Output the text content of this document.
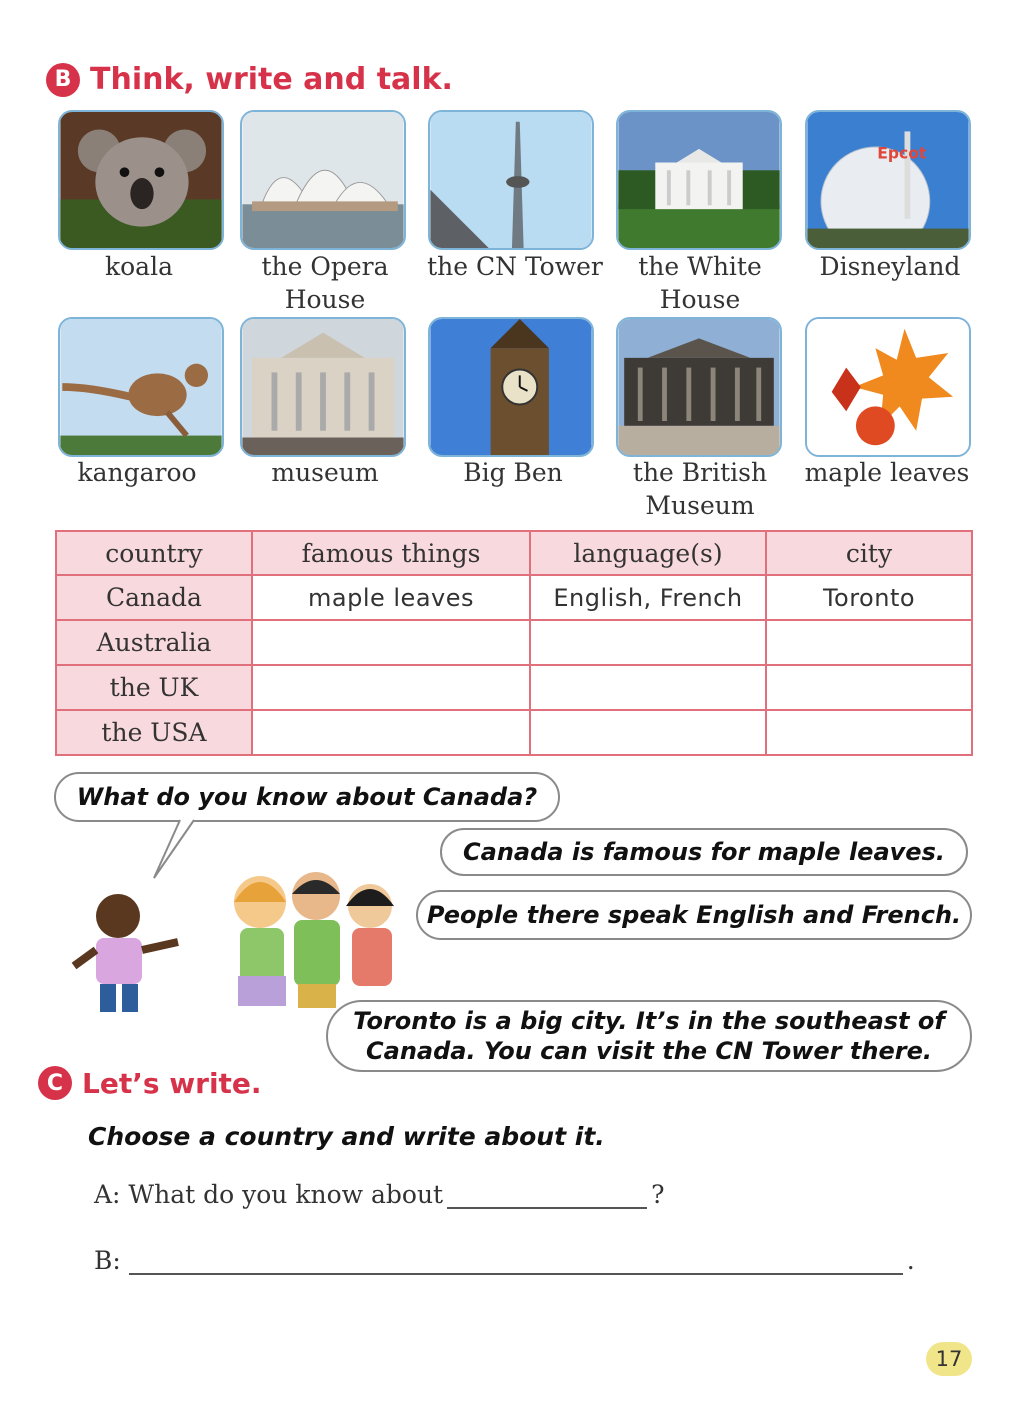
B Think, write and talk.
Epcot
koala	the Opera House
the CN Tower	the White House
Disneyland
kangaroo	museum	Big Ben	the British Museum
maple leaves
country	famous things	language(s)	city
Canada	maple leaves	English, French	Toronto
Australia			
the UK			
the USA			
What do you know about Canada?
Canada is famous for maple leaves.
People there speak English and French.
Toronto is a big city. It’s in the southeast of Canada. You can visit the CN Tower there.
C Let’s write.
Choose a country and write about it.
A: What do you know about	?
B:	.
17
